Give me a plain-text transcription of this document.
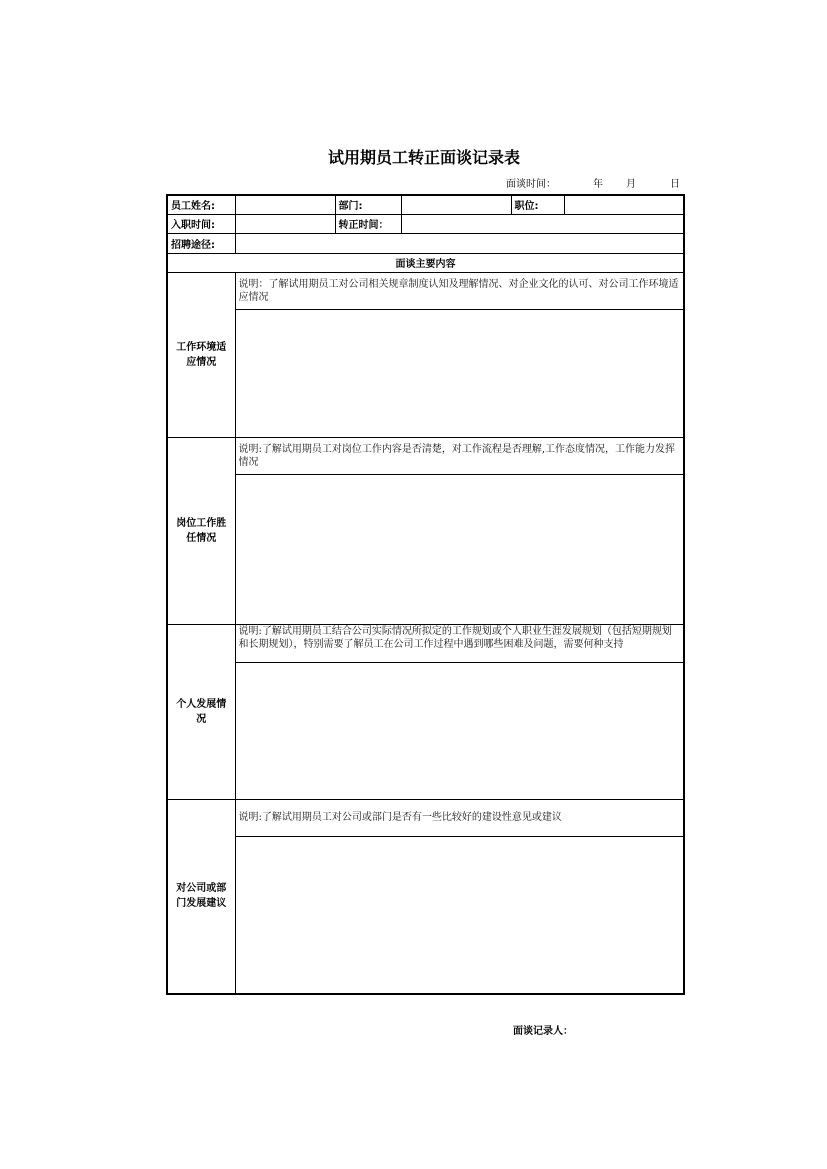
试用期员工转正面谈记录表
面谈时间：	年 月	日
员工姓名:		部门:		职位:	
入职时间:		转正时间：			
招聘途径:					
面谈主要内容					
工作环境适应情况	说明：了解试用期员工对公司相关规章制度认知及理解情况、对企业文化的认可、对公司工作环境适应情况				

岗位工作胜任情况	说明:了解试用期员工对岗位工作内容是否清楚，对工作流程是否理解,工作态度情况，工作能力发挥情况				

个人发展情况	说明:了解试用期员工结合公司实际情况所拟定的工作规划或个人职业生涯发展规划（包括短期规划和长期规划），特别需要了解员工在公司工作过程中遇到哪些困难及问题，需要何种支持				

对公司或部门发展建议	说明:了解试用期员工对公司或部门是否有一些比较好的建设性意见或建议				

面谈记录人：
